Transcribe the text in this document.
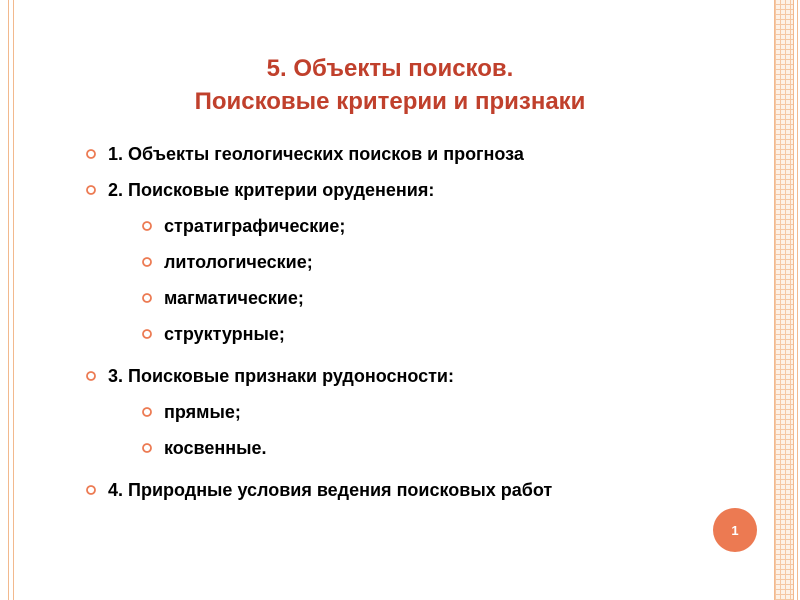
5. Объекты поисков.
Поисковые критерии и признаки
1. Объекты геологических поисков и прогноза
2. Поисковые критерии оруденения:
стратиграфические;
литологические;
магматические;
структурные;
3. Поисковые признаки рудоносности:
прямые;
косвенные.
4. Природные условия ведения поисковых работ
1
